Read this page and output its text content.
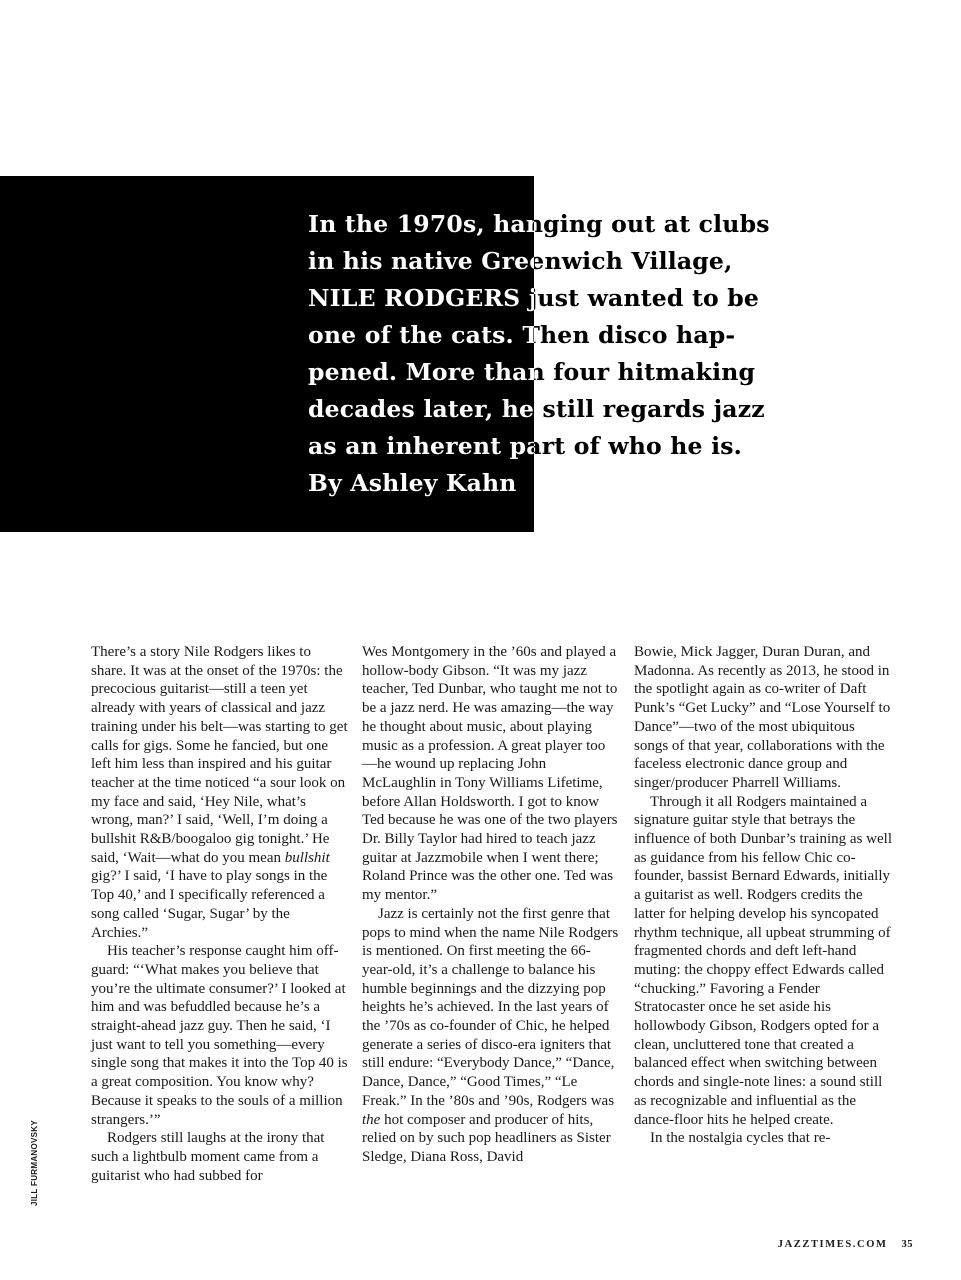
In the 1970s, hanging out at clubs
in his native Greenwich Village,
NILE RODGERS just wanted to be
one of the cats. Then disco hap-
pened. More than four hitmaking
decades later, he still regards jazz
as an inherent part of who he is.
By Ashley Kahn

There’s a story Nile Rodgers likes to share. It was at the onset of the 1970s: the precocious guitarist—still a teen yet already with years of classical and jazz training under his belt—was starting to get calls for gigs. Some he fancied, but one left him less than inspired and his guitar teacher at the time noticed “a sour look on my face and said, ‘Hey Nile, what’s wrong, man?’ I said, ‘Well, I’m doing a bullshit R&B/boogaloo gig tonight.’ He said, ‘Wait—what do you mean bullshit gig?’ I said, ‘I have to play songs in the Top 40,’ and I specifically referenced a song called ‘Sugar, Sugar’ by the Archies.”

His teacher’s response caught him off-guard: “‘What makes you believe that you’re the ultimate consumer?’ I looked at him and was befuddled because he’s a straight-ahead jazz guy. Then he said, ‘I just want to tell you something—every single song that makes it into the Top 40 is a great composition. You know why? Because it speaks to the souls of a million strangers.’”

Rodgers still laughs at the irony that such a lightbulb moment came from a guitarist who had subbed for

Wes Montgomery in the ’60s and played a hollow-body Gibson. “It was my jazz teacher, Ted Dunbar, who taught me not to be a jazz nerd. He was amazing—the way he thought about music, about playing music as a profession. A great player too—he wound up replacing John McLaughlin in Tony Williams Lifetime, before Allan Holdsworth. I got to know Ted because he was one of the two players Dr. Billy Taylor had hired to teach jazz guitar at Jazzmobile when I went there; Roland Prince was the other one. Ted was my mentor.”

Jazz is certainly not the first genre that pops to mind when the name Nile Rodgers is mentioned. On first meeting the 66-year-old, it’s a challenge to balance his humble beginnings and the dizzying pop heights he’s achieved. In the last years of the ’70s as co-founder of Chic, he helped generate a series of disco-era igniters that still endure: “Everybody Dance,” “Dance, Dance, Dance,” “Good Times,” “Le Freak.” In the ’80s and ’90s, Rodgers was the hot composer and producer of hits, relied on by such pop headliners as Sister Sledge, Diana Ross, David

Bowie, Mick Jagger, Duran Duran, and Madonna. As recently as 2013, he stood in the spotlight again as co-writer of Daft Punk’s “Get Lucky” and “Lose Yourself to Dance”—two of the most ubiquitous songs of that year, collaborations with the faceless electronic dance group and singer/producer Pharrell Williams.

Through it all Rodgers maintained a signature guitar style that betrays the influence of both Dunbar’s training as well as guidance from his fellow Chic co-founder, bassist Bernard Edwards, initially a guitarist as well. Rodgers credits the latter for helping develop his syncopated rhythm technique, all upbeat strumming of fragmented chords and deft left-hand muting: the choppy effect Edwards called “chucking.” Favoring a Fender Stratocaster once he set aside his hollowbody Gibson, Rodgers opted for a clean, uncluttered tone that created a balanced effect when switching between chords and single-note lines: a sound still as recognizable and influential as the dance-floor hits he helped create.

In the nostalgia cycles that re-

JILL FURMANOVSKY
JAZZTIMES.COM 35
